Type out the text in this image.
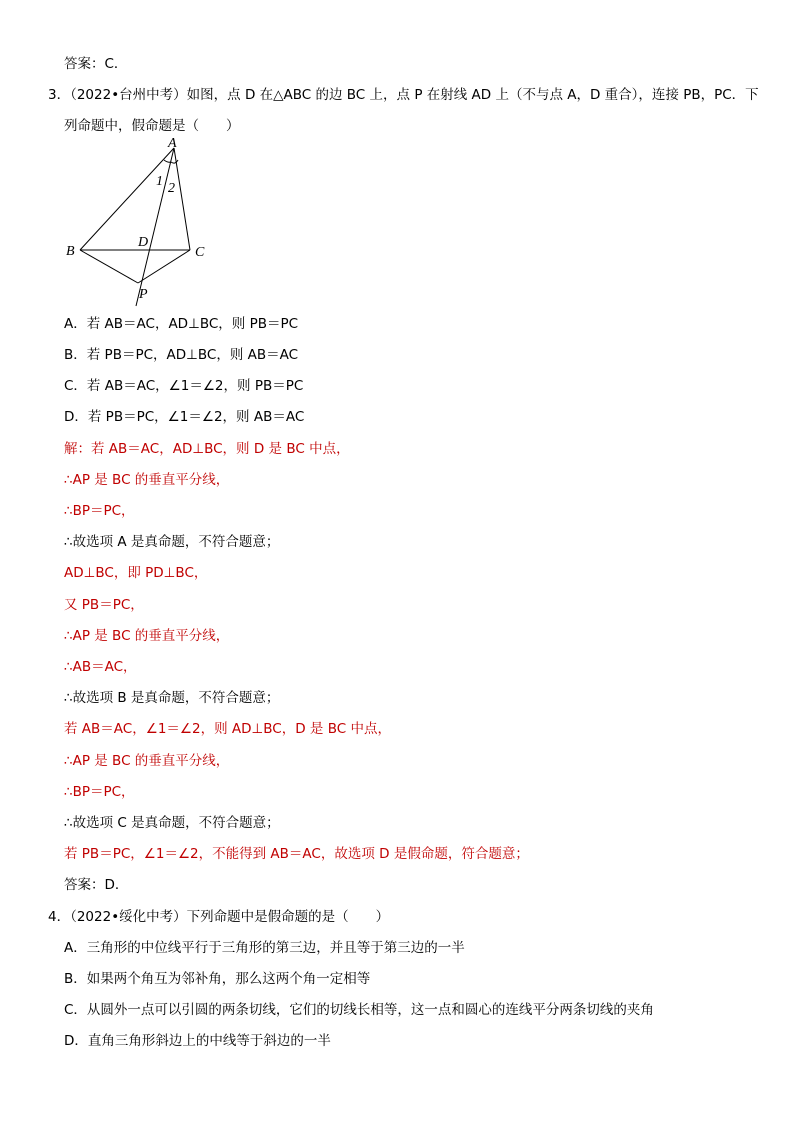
答案：C．
3．（2022•台州中考）如图，点 D 在△ABC 的边 BC 上，点 P 在射线 AD 上（不与点 A，D 重合），连接 PB，PC．下
列命题中，假命题是（　　）
A
B	C
D
P
1 2
A．若 AB＝AC，AD⊥BC，则 PB＝PC
B．若 PB＝PC，AD⊥BC，则 AB＝AC
C．若 AB＝AC，∠1＝∠2，则 PB＝PC
D．若 PB＝PC，∠1＝∠2，则 AB＝AC
解：若 AB＝AC，AD⊥BC，则 D 是 BC 中点，
∴AP 是 BC 的垂直平分线，
∴BP＝PC，
∴故选项 A 是真命题，不符合题意；
AD⊥BC，即 PD⊥BC，
又 PB＝PC，
∴AP 是 BC 的垂直平分线，
∴AB＝AC，
∴故选项 B 是真命题，不符合题意；
若 AB＝AC，∠1＝∠2，则 AD⊥BC，D 是 BC 中点，
∴AP 是 BC 的垂直平分线，
∴BP＝PC，
∴故选项 C 是真命题，不符合题意；
若 PB＝PC，∠1＝∠2，不能得到 AB＝AC，故选项 D 是假命题，符合题意；
答案：D．
4．（2022•绥化中考）下列命题中是假命题的是（　　）
A．三角形的中位线平行于三角形的第三边，并且等于第三边的一半
B．如果两个角互为邻补角，那么这两个角一定相等
C．从圆外一点可以引圆的两条切线，它们的切线长相等，这一点和圆心的连线平分两条切线的夹角
D．直角三角形斜边上的中线等于斜边的一半
